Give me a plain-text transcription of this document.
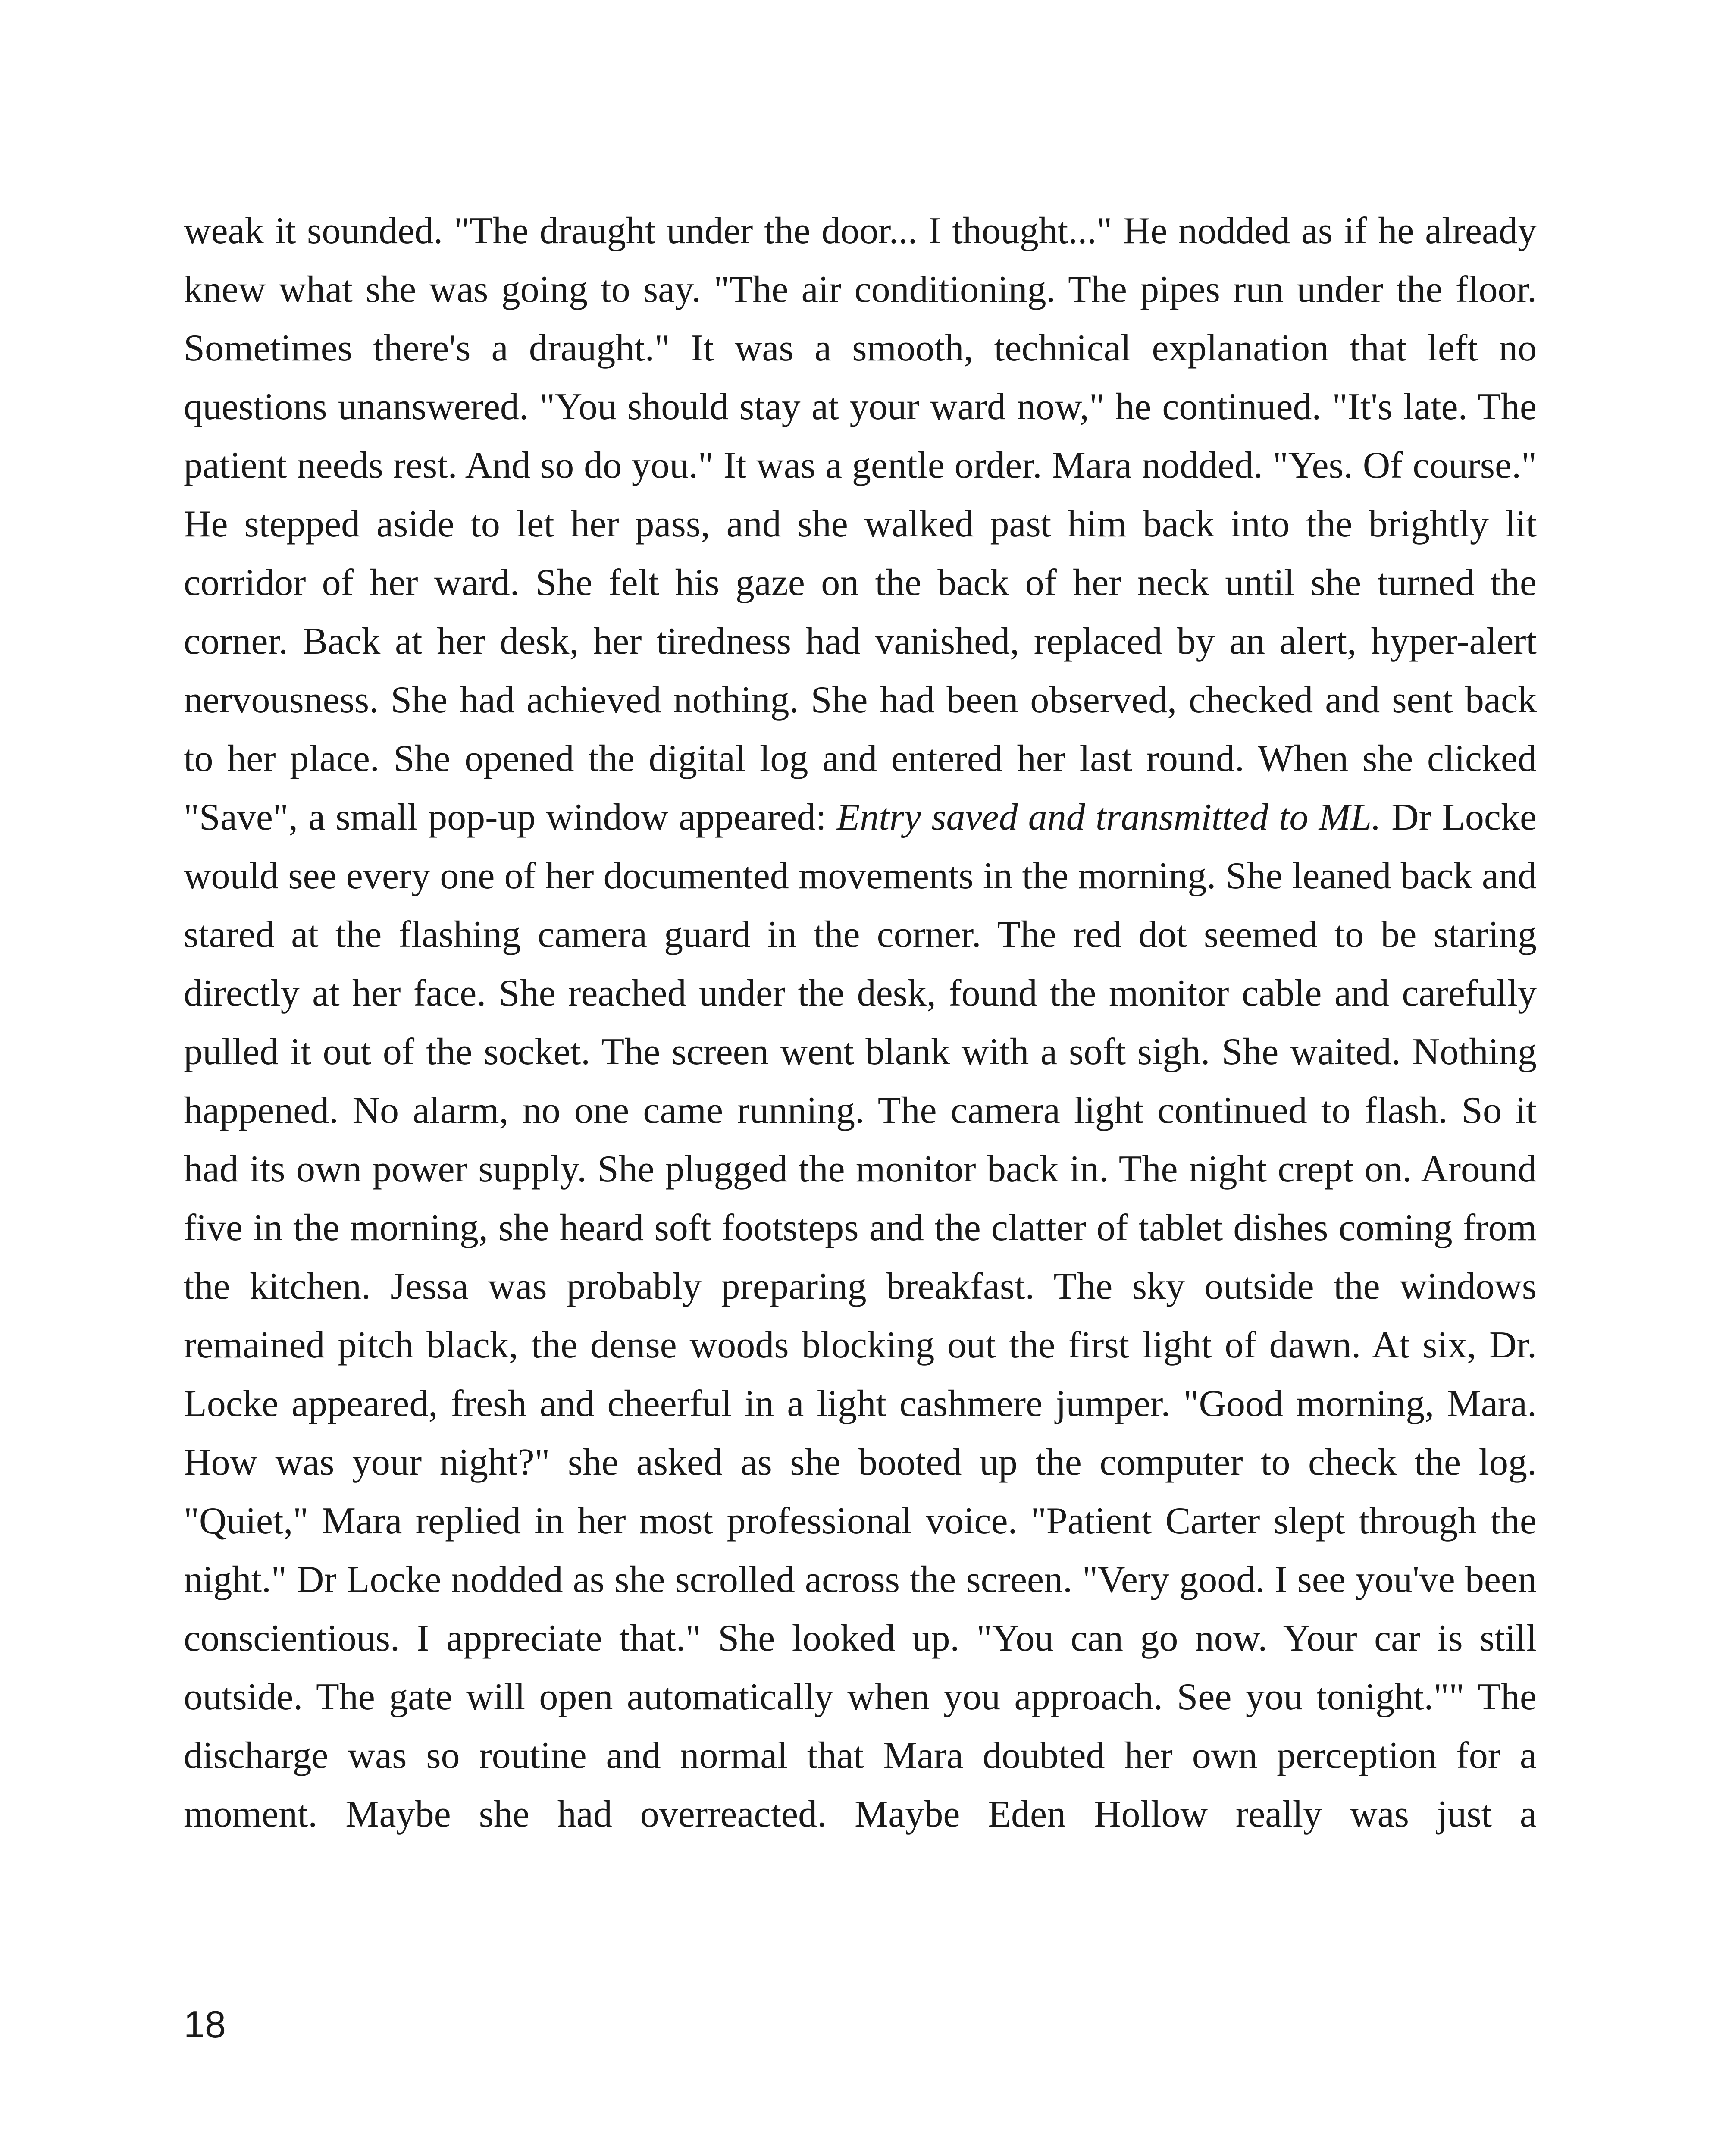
weak it sounded. "The draught under the door... I thought..." He nodded as if he already knew what she was going to say. "The air conditioning. The pipes run under the floor. Sometimes there's a draught." It was a smooth, technical explanation that left no questions unanswered. "You should stay at your ward now," he continued. "It's late. The patient needs rest. And so do you." It was a gentle order. Mara nodded. "Yes. Of course." He stepped aside to let her pass, and she walked past him back into the brightly lit corridor of her ward. She felt his gaze on the back of her neck until she turned the corner. Back at her desk, her tiredness had vanished, replaced by an alert, hyper-alert nervousness. She had achieved nothing. She had been observed, checked and sent back to her place. She opened the digital log and entered her last round. When she clicked "Save", a small pop-up window appeared: Entry saved and transmitted to ML. Dr Locke would see every one of her documented movements in the morning. She leaned back and stared at the flashing camera guard in the corner. The red dot seemed to be staring directly at her face. She reached under the desk, found the monitor cable and carefully pulled it out of the socket. The screen went blank with a soft sigh. She waited. Nothing happened. No alarm, no one came running. The camera light continued to flash. So it had its own power supply. She plugged the monitor back in. The night crept on. Around five in the morning, she heard soft footsteps and the clatter of tablet dishes coming from the kitchen. Jessa was probably preparing breakfast. The sky outside the windows remained pitch black, the dense woods blocking out the first light of dawn. At six, Dr. Locke appeared, fresh and cheerful in a light cashmere jumper. "Good morning, Mara. How was your night?" she asked as she booted up the computer to check the log. "Quiet," Mara replied in her most professional voice. "Patient Carter slept through the night." Dr Locke nodded as she scrolled across the screen. "Very good. I see you've been conscientious. I appreciate that." She looked up. "You can go now. Your car is still outside. The gate will open automatically when you approach. See you tonight."" The discharge was so routine and normal that Mara doubted her own perception for a moment. Maybe she had overreacted. Maybe Eden Hollow really was just a

18
